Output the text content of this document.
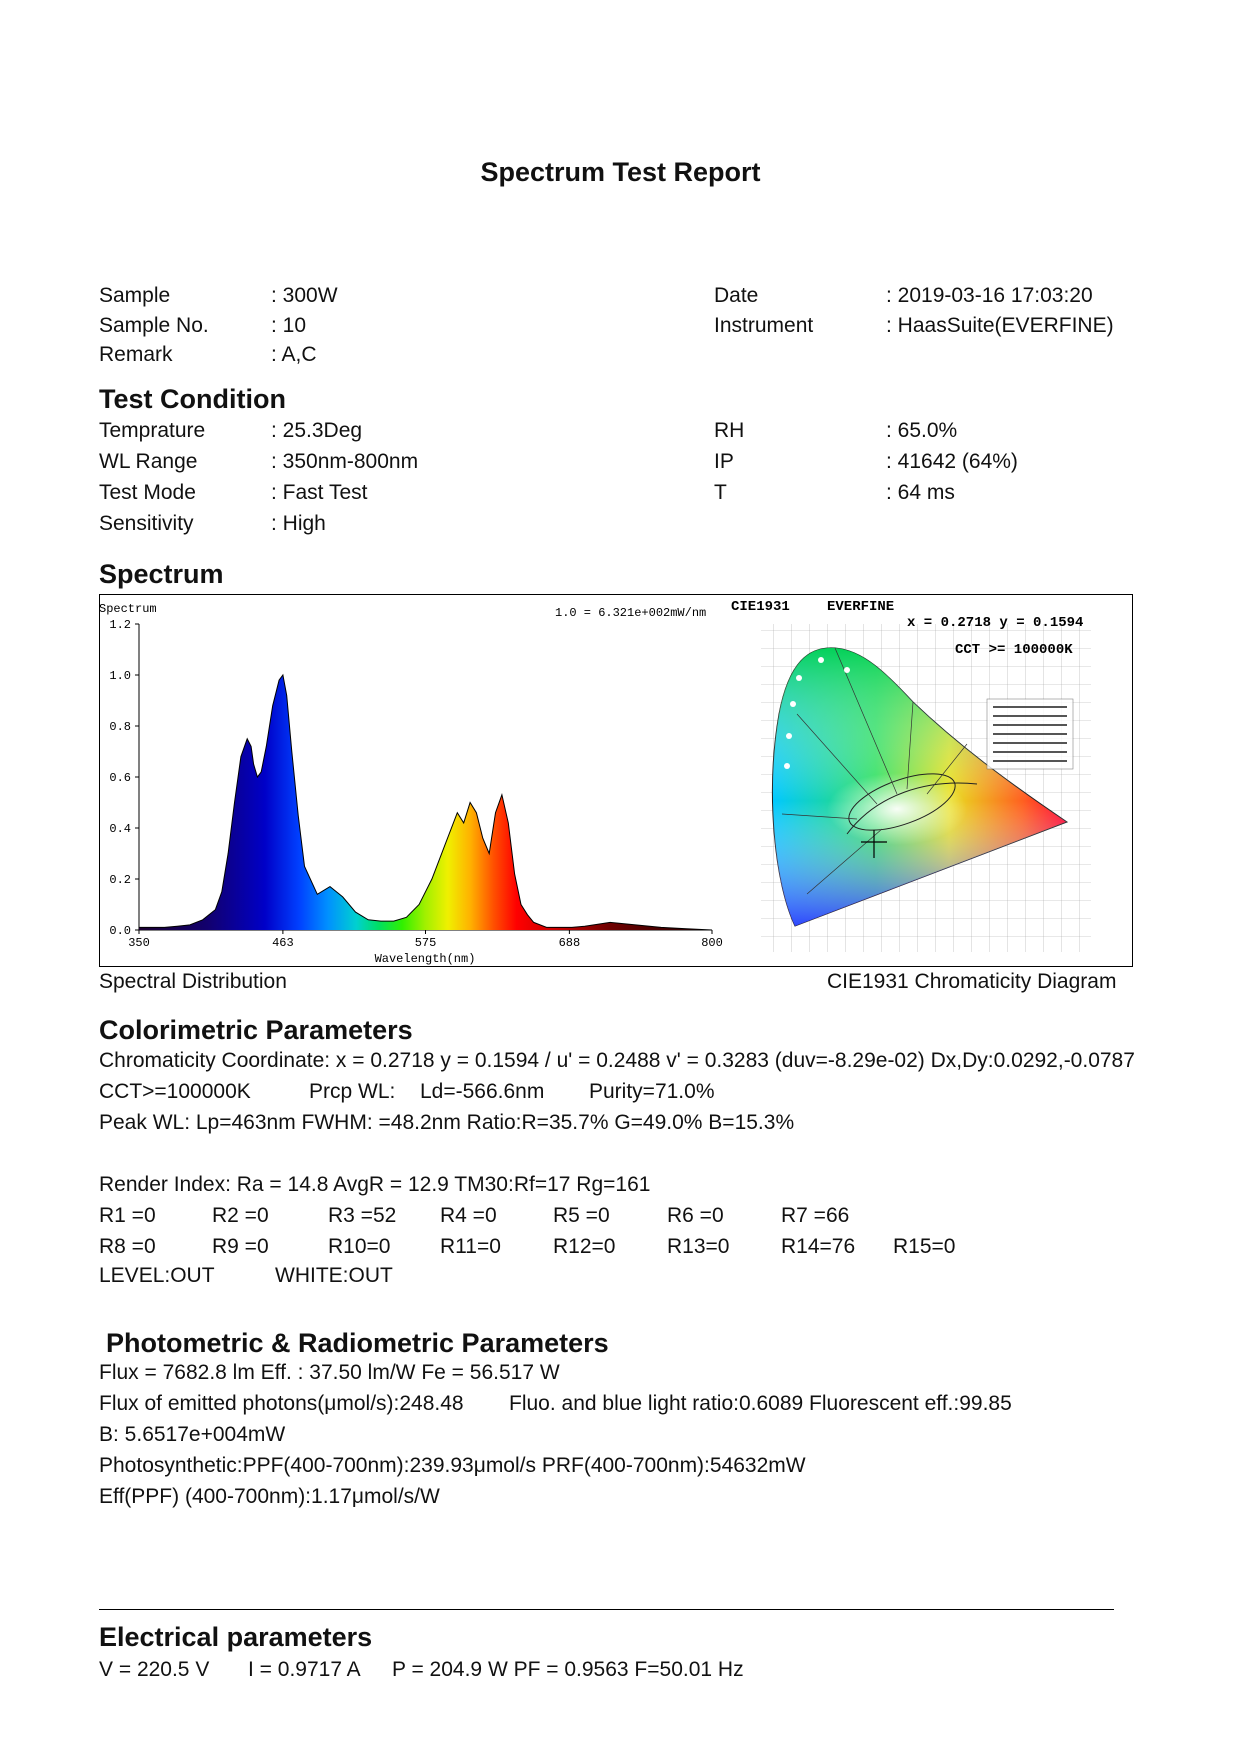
Spectrum Test Report
Sample	: 300W
Sample No.	: 10
Remark	: A,C
Date	: 2019-03-16 17:03:20
Instrument	: HaasSuite(EVERFINE)
Test Condition
Temprature	: 25.3Deg
WL Range	: 350nm-800nm
Test Mode	: Fast Test
Sensitivity	: High
RH	: 65.0%
IP	: 41642 (64%)
T	: 64 ms
Spectrum
Spectrum	1.0 = 6.321e+002mW/nm
0.0
0.2
0.4
0.6
0.8
1.0
1.2
350	463	575	688	800
Wavelength(nm)
CIE1931	EVERFINE
x = 0.2718 y = 0.1594
CCT >= 100000K
Spectral Distribution	CIE1931 Chromaticity Diagram
Colorimetric Parameters
Chromaticity Coordinate: x = 0.2718 y = 0.1594 / u' = 0.2488 v' = 0.3283 (duv=-8.29e-02) Dx,Dy:0.0292,-0.0787
CCT>=100000K	Prcp WL: Ld=-566.6nm Purity=71.0%
Peak WL: Lp=463nm FWHM: =48.2nm Ratio:R=35.7% G=49.0% B=15.3%
Render Index: Ra = 14.8 AvgR = 12.9 TM30:Rf=17 Rg=161
R1 =0	R2 =0	R3 =52 R4 =0	R5 =0	R6 =0	R7 =66
R8 =0	R9 =0	R10=0 R11=0 R12=0 R13=0 R14=76 R15=0
LEVEL:OUT	WHITE:OUT
Photometric & Radiometric Parameters
Flux = 7682.8 lm Eff. : 37.50 lm/W Fe = 56.517 W
Flux of emitted photons(μmol/s):248.48 Fluo. and blue light ratio:0.6089 Fluorescent eff.:99.85
B: 5.6517e+004mW
Photosynthetic:PPF(400-700nm):239.93μmol/s PRF(400-700nm):54632mW
Eff(PPF) (400-700nm):1.17μmol/s/W
Electrical parameters
V = 220.5 V I = 0.9717 A P = 204.9 W PF = 0.9563 F=50.01 Hz
